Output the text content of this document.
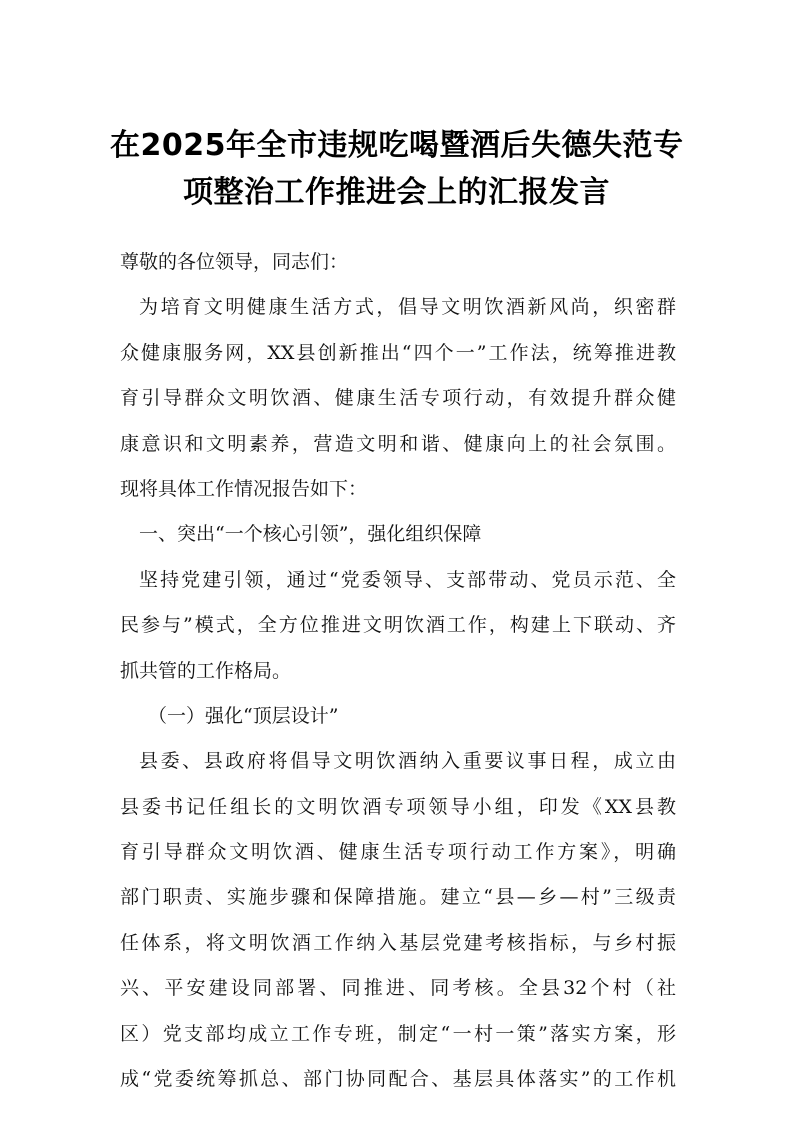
在2025年全市违规吃喝暨酒后失德失范专
项整治工作推进会上的汇报发言
尊敬的各位领导，同志们：
为培育文明健康生活方式，倡导文明饮酒新风尚，织密群
众健康服务网，XX县创新推出“四个一”工作法，统筹推进教
育引导群众文明饮酒、健康生活专项行动，有效提升群众健
康意识和文明素养，营造文明和谐、健康向上的社会氛围。
现将具体工作情况报告如下：
一、突出“一个核心引领”，强化组织保障
坚持党建引领，通过“党委领导、支部带动、党员示范、全
民参与”模式，全方位推进文明饮酒工作，构建上下联动、齐
抓共管的工作格局。
（一）强化“顶层设计”
县委、县政府将倡导文明饮酒纳入重要议事日程，成立由
县委书记任组长的文明饮酒专项领导小组，印发《XX县教
育引导群众文明饮酒、健康生活专项行动工作方案》，明确
部门职责、实施步骤和保障措施。建立“县—乡—村”三级责
任体系，将文明饮酒工作纳入基层党建考核指标，与乡村振
兴、平安建设同部署、同推进、同考核。全县32个村（社
区）党支部均成立工作专班，制定“一村一策”落实方案，形
成“党委统筹抓总、部门协同配合、基层具体落实”的工作机
